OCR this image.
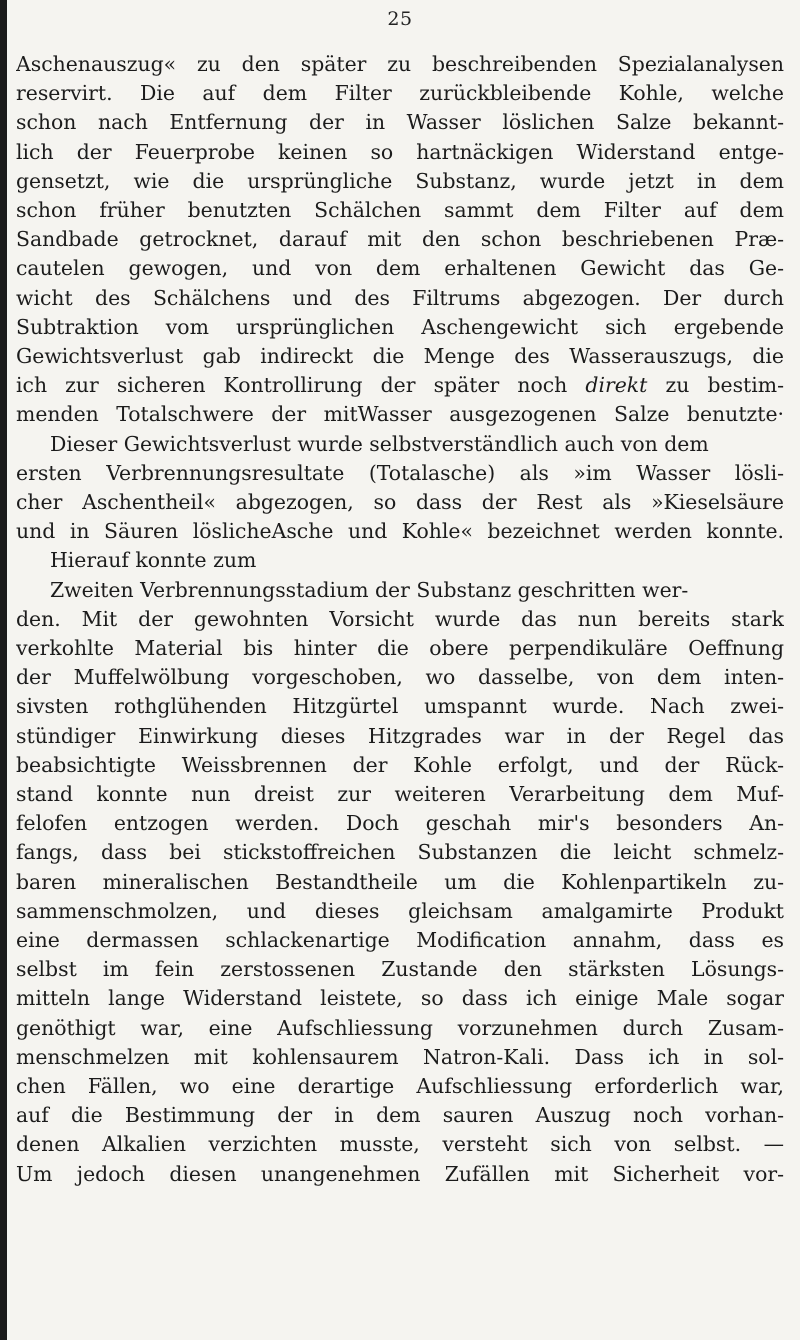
25
Aschenauszug« zu den später zu beschreibenden Spezialanalysen
reservirt. Die auf dem Filter zurückbleibende Kohle, welche
schon nach Entfernung der in Wasser löslichen Salze bekannt-
lich der Feuerprobe keinen so hartnäckigen Widerstand entge-
gensetzt, wie die ursprüngliche Substanz, wurde jetzt in dem
schon früher benutzten Schälchen sammt dem Filter auf dem
Sandbade getrocknet, darauf mit den schon beschriebenen Præ-
cautelen gewogen, und von dem erhaltenen Gewicht das Ge-
wicht des Schälchens und des Filtrums abgezogen. Der durch
Subtraktion vom ursprünglichen Aschengewicht sich ergebende
Gewichtsverlust gab indireckt die Menge des Wasserauszugs, die
ich zur sicheren Kontrollirung der später noch direkt zu bestim-
menden Totalschwere der mitWasser ausgezogenen Salze benutzte·
Dieser Gewichtsverlust wurde selbstverständlich auch von dem
ersten Verbrennungsresultate (Totalasche) als »im Wasser lösli-
cher Aschentheil« abgezogen, so dass der Rest als »Kieselsäure
und in Säuren löslicheAsche und Kohle« bezeichnet werden konnte.
Hierauf konnte zum
Zweiten Verbrennungsstadium der Substanz geschritten wer-
den. Mit der gewohnten Vorsicht wurde das nun bereits stark
verkohlte Material bis hinter die obere perpendikuläre Oeffnung
der Muffelwölbung vorgeschoben, wo dasselbe, von dem inten-
sivsten rothglühenden Hitzgürtel umspannt wurde. Nach zwei-
stündiger Einwirkung dieses Hitzgrades war in der Regel das
beabsichtigte Weissbrennen der Kohle erfolgt, und der Rück-
stand konnte nun dreist zur weiteren Verarbeitung dem Muf-
felofen entzogen werden. Doch geschah mir's besonders An-
fangs, dass bei stickstoffreichen Substanzen die leicht schmelz-
baren mineralischen Bestandtheile um die Kohlenpartikeln zu-
sammenschmolzen, und dieses gleichsam amalgamirte Produkt
eine dermassen schlackenartige Modification annahm, dass es
selbst im fein zerstossenen Zustande den stärksten Lösungs-
mitteln lange Widerstand leistete, so dass ich einige Male sogar
genöthigt war, eine Aufschliessung vorzunehmen durch Zusam-
menschmelzen mit kohlensaurem Natron-Kali. Dass ich in sol-
chen Fällen, wo eine derartige Aufschliessung erforderlich war,
auf die Bestimmung der in dem sauren Auszug noch vorhan-
denen Alkalien verzichten musste, versteht sich von selbst. —
Um jedoch diesen unangenehmen Zufällen mit Sicherheit vor-
